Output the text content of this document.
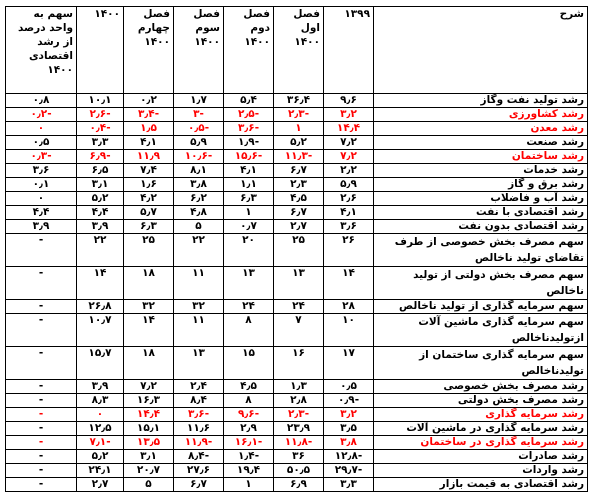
شرح	۱۳۹۹	فصل اول ۱۴۰۰	فصل دوم ۱۴۰۰	فصل سوم ۱۴۰۰	فصل چهارم ۱۴۰۰	۱۴۰۰	سهم به واحد درصد از رشد اقتصادی ۱۴۰۰
رشد تولید نفت وگاز	۹٫۶	۳۶٫۴	۵٫۴	۱٫۷	۰٫۲	۱۰٫۱	۰٫۸
رشد کشاورزی	۳٫۲	-۲٫۳	-۲٫۵	-۳	-۳٫۴	-۲٫۶	-۰٫۲
رشد معدن	۱۴٫۴	۱	-۳٫۶	-۰٫۵	۱٫۵	-۰٫۴	۰
رشد صنعت	۷٫۲	۵٫۲	-۱٫۹	۵٫۹	۴٫۱	۳٫۳	۰٫۵
رشد ساختمان	۷٫۲	-۱۱٫۳	-۱۵٫۶	-۱۰٫۶	۱۱٫۹	-۶٫۹	-۰٫۳
رشد خدمات	۲٫۲	۶٫۷	۴٫۱	۸٫۱	۷٫۴	۶٫۵	۳٫۶
رشد برق و گاز	۵٫۹	۲٫۳	۱٫۱	۳٫۸	۱٫۶	۳٫۱	۰٫۱
رشد آب و فاضلاب	۲٫۶	۴٫۵	۶٫۳	۶٫۲	۴٫۲	۵٫۲	۰
رشد اقتصادی با نفت	۴٫۱	۶٫۷	۱	۴٫۸	۵٫۷	۴٫۴	۴٫۴
رشد اقتصادی بدون نفت	۳٫۶	۲٫۷	۰٫۷	۵	۶٫۳	۳٫۹	۳٫۹
سهم مصرف بخش خصوصی از طرف تقاضای تولید ناخالص	۲۶	۲۵	۲۰	۲۲	۲۵	۲۲	-
سهم مصرف بخش دولتی از تولید ناخالص	۱۴	۱۳	۱۳	۱۱	۱۸	۱۴	-
سهم سرمایه گذاری از تولید ناخالص	۲۸	۲۴	۲۴	۳۲	۳۲	۲۶٫۸	-
سهم سرمایه گذاری ماشین آلات ازتولیدناخالص	۱۰	۷	۸	۱۱	۱۴	۱۰٫۷	-
سهم سرمایه گذاری ساختمان از تولیدناخالص	۱۷	۱۶	۱۵	۱۳	۱۸	۱۵٫۷	-
رشد مصرف بخش خصوصی	۰٫۵	۱٫۳	۴٫۵	۲٫۴	۷٫۲	۳٫۹	-
رشد مصرف بخش دولتی	-۰٫۹	۲٫۸	۸	۸٫۴	۱۶٫۳	۸٫۳	-
رشد سرمایه گذاری	۳٫۲	-۲٫۳	-۹٫۶	-۳٫۶	۱۴٫۴	۰	-
رشد سرمایه گذاری در ماشین آلات	۳٫۵	۲۳٫۹	۲٫۹	۱۱٫۶	۱۵٫۱	۱۲٫۵	-
رشد سرمایه گذاری در ساختمان	۳٫۸	-۱۱٫۸	-۱۶٫۱	-۱۱٫۹	۱۳٫۵	-۷٫۱	-
رشد صادرات	-۱۲٫۸	۳۶	-۱٫۴	-۸٫۴	۳٫۱	۵٫۲	-
رشد واردات	-۲۹٫۷	۵۰٫۵	۱۹٫۴	۲۷٫۶	۲۰٫۷	۲۴٫۱	-
رشد اقتصادی به قیمت بازار	۳٫۳	۶٫۹	۱	۶٫۷	۵	۲٫۷	-
